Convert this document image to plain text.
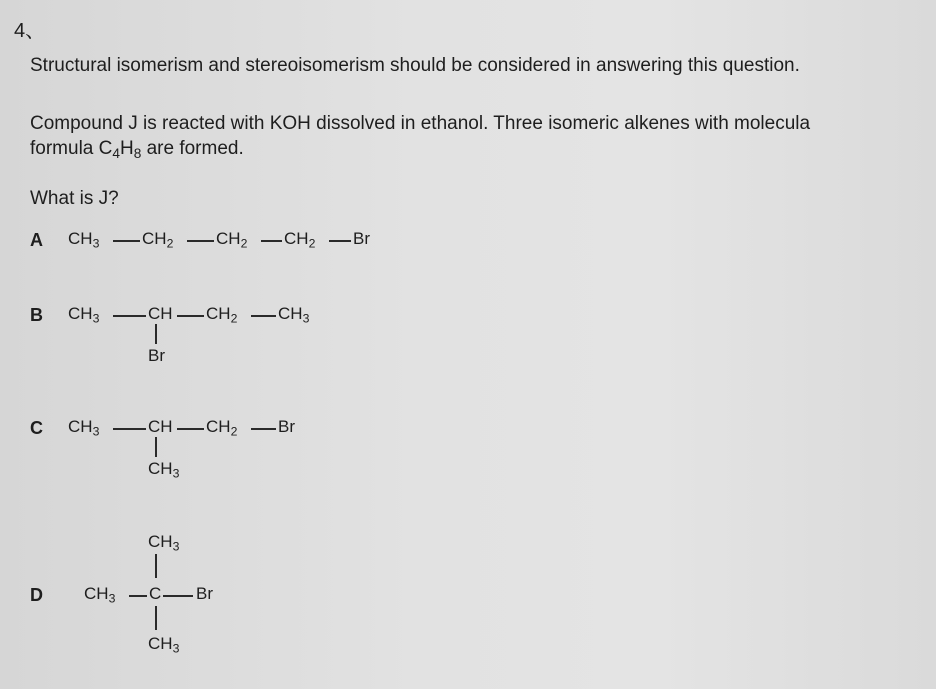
4、
Structural isomerism and stereoisomerism should be considered in answering this question.
Compound J is reacted with KOH dissolved in ethanol. Three isomeric alkenes with molecula
formula $C_4H_8$ are formed.
What is J?
A $CH_3$	$CH_2$	$CH_2$ $CH_2$ Br
B $CH_3$	CH $CH_2$ $CH_3$
Br
C $CH_3$	CH $CH_2$ Br
$CH_3$
D
$CH_3$
$CH_3$ C Br
$CH_3$
